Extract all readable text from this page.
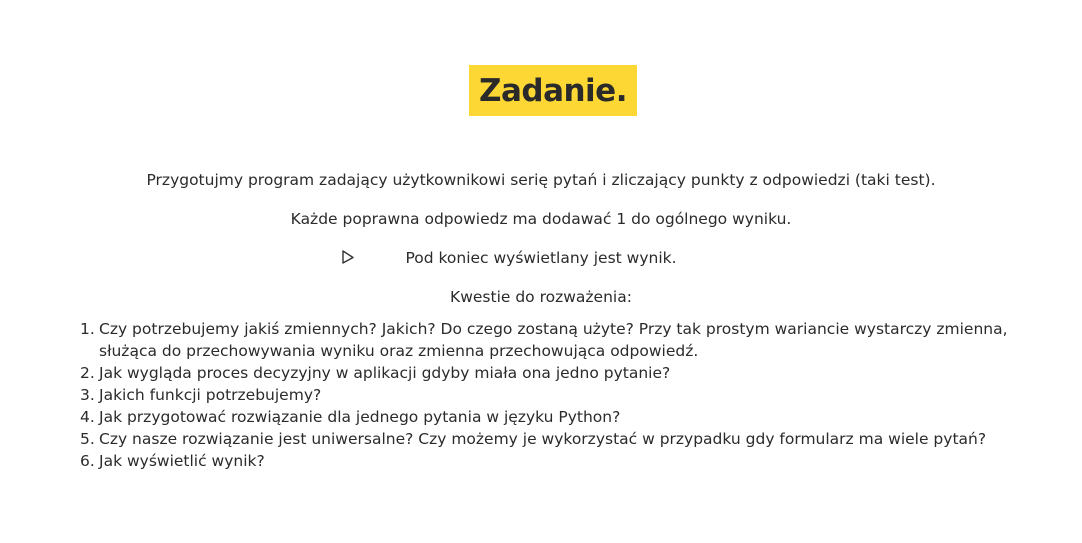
Zadanie.
Przygotujmy program zadający użytkownikowi serię pytań i zliczający punkty z odpowiedzi (taki test).
Każde poprawna odpowiedz ma dodawać 1 do ogólnego wyniku.
Pod koniec wyświetlany jest wynik.
Kwestie do rozważenia:
1. Czy potrzebujemy jakiś zmiennych? Jakich? Do czego zostaną użyte? Przy tak prostym wariancie wystarczy zmienna,
służąca do przechowywania wyniku oraz zmienna przechowująca odpowiedź.
2. Jak wygląda proces decyzyjny w aplikacji gdyby miała ona jedno pytanie?
3. Jakich funkcji potrzebujemy?
4. Jak przygotować rozwiązanie dla jednego pytania w języku Python?
5. Czy nasze rozwiązanie jest uniwersalne? Czy możemy je wykorzystać w przypadku gdy formularz ma wiele pytań?
6. Jak wyświetlić wynik?
